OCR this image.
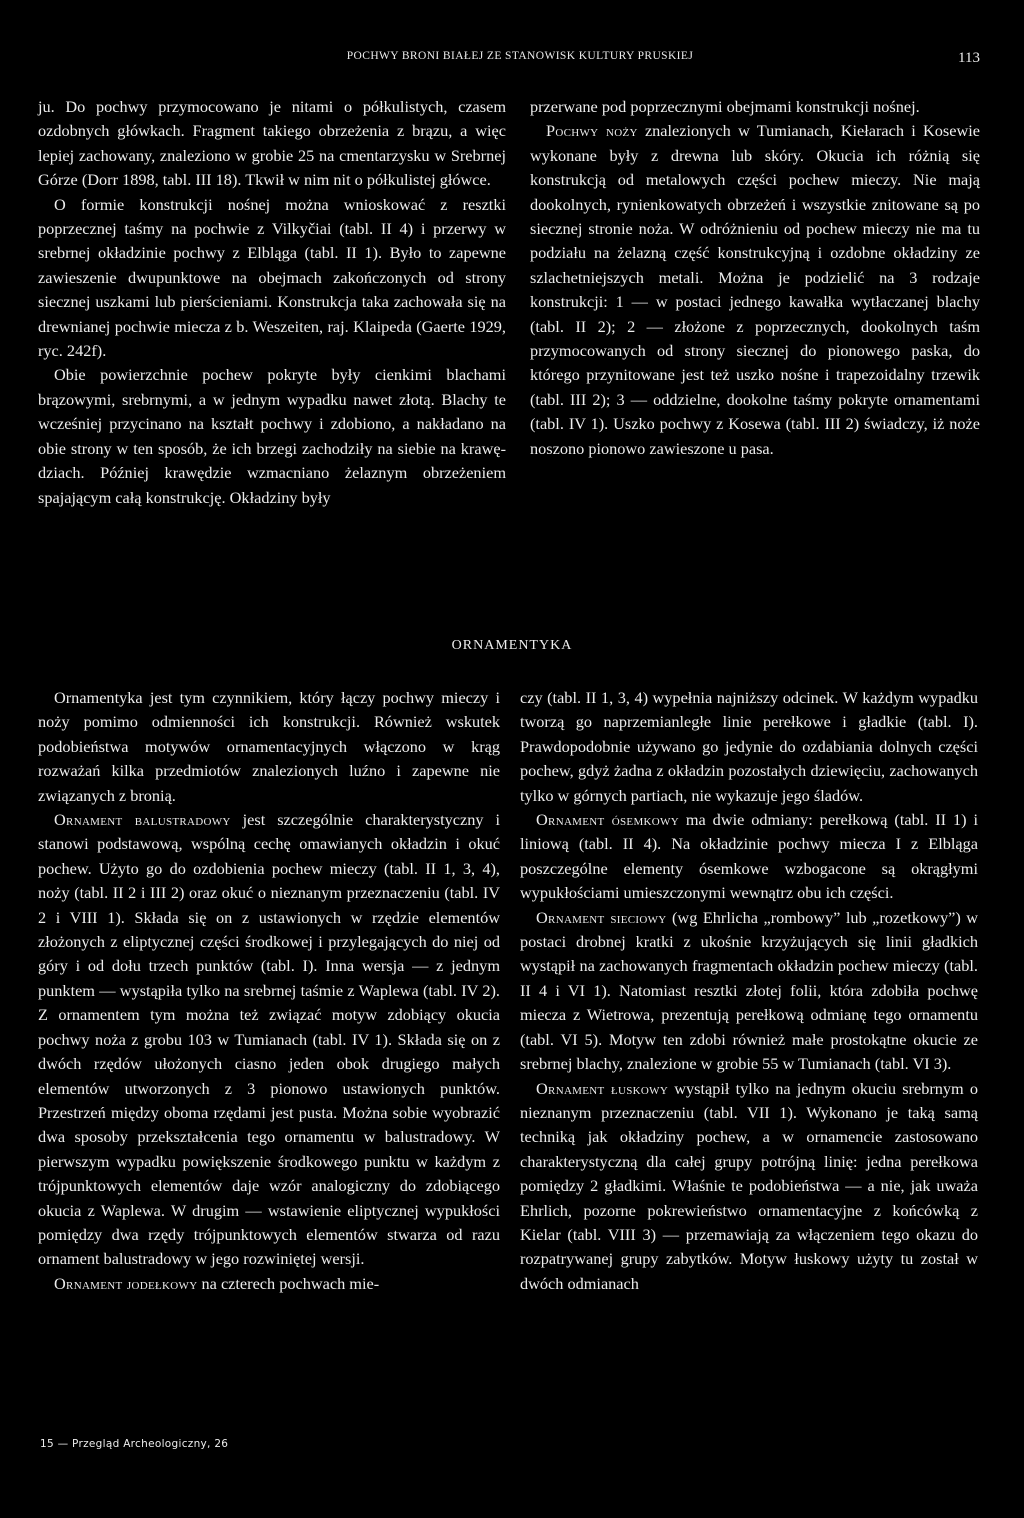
POCHWY BRONI BIAŁEJ ZE STANOWISK KULTURY PRUSKIEJ	113

ju. Do pochwy przymocowano je nitami o półkulistych, czasem ozdobnych główkach. Fragment takiego obrzeżenia z brązu, a więc lepiej zachowany, znaleziono w grobie 25 na cmentarzysku w Srebrnej Górze (Dorr 1898, tabl. III 18). Tkwił w nim nit o półkulistej główce.

O formie konstrukcji nośnej można wnioskować z resztki poprzecznej taśmy na pochwie z Vilkyčiai (tabl. II 4) i przerwy w srebrnej okładzinie pochwy z Elbląga (tabl. II 1). Było to zapewne zawieszenie dwupunktowe na obejmach zakończonych od strony siecznej uszkami lub pierścieniami. Konstrukcja taka zachowała się na drewnianej pochwie miecza z b. Weszeiten, raj. Klaipeda (Gaerte 1929, ryc. 242f).

Obie powierzchnie pochew pokryte były cienkimi blachami brązowymi, srebrnymi, a w jednym wypadku nawet złotą. Blachy te wcześniej przycinano na kształt pochwy i zdobiono, a nakładano na obie strony w ten sposób, że ich brzegi zachodziły na siebie na krawędziach. Później krawędzie wzmacniano żelaznym obrzeżeniem spajającym całą konstrukcję. Okładziny były

przerwane pod poprzecznymi obejmami konstrukcji nośnej.

Pochwy noży znalezionych w Tumianach, Kiełarach i Kosewie wykonane były z drewna lub skóry. Okucia ich różnią się konstrukcją od metalowych części pochew mieczy. Nie mają dookolnych, rynienkowatych obrzeżeń i wszystkie znitowane są po siecznej stronie noża. W odróżnieniu od pochew mieczy nie ma tu podziału na żelazną część konstrukcyjną i ozdobne okładziny ze szlachetniejszych metali. Można je podzielić na 3 rodzaje konstrukcji: 1 — w postaci jednego kawałka wytłaczanej blachy (tabl. II 2); 2 — złożone z poprzecznych, dookolnych taśm przymocowanych od strony siecznej do pionowego paska, do którego przynitowane jest też uszko nośne i trapezoidalny trzewik (tabl. III 2); 3 — oddzielne, dookolne taśmy pokryte ornamentami (tabl. IV 1). Uszko pochwy z Kosewa (tabl. III 2) świadczy, iż noże noszono pionowo zawieszone u pasa.

ORNAMENTYKA

Ornamentyka jest tym czynnikiem, który łączy pochwy mieczy i noży pomimo odmienności ich konstrukcji. Również wskutek podobieństwa motywów ornamentacyjnych włączono w krąg rozważań kilka przedmiotów znalezionych luźno i zapewne nie związanych z bronią.

Ornament balustradowy jest szczególnie charakterystyczny i stanowi podstawową, wspólną cechę omawianych okładzin i okuć pochew. Użyto go do ozdobienia pochew mieczy (tabl. II 1, 3, 4), noży (tabl. II 2 i III 2) oraz okuć o nieznanym przeznaczeniu (tabl. IV 2 i VIII 1). Składa się on z ustawionych w rzędzie elementów złożonych z eliptycznej części środkowej i przylegających do niej od góry i od dołu trzech punktów (tabl. I). Inna wersja — z jednym punktem — wystąpiła tylko na srebrnej taśmie z Waplewa (tabl. IV 2). Z ornamentem tym można też związać motyw zdobiący okucia pochwy noża z grobu 103 w Tumianach (tabl. IV 1). Składa się on z dwóch rzędów ułożonych ciasno jeden obok drugiego małych elementów utworzonych z 3 pionowo ustawionych punktów. Przestrzeń między oboma rzędami jest pusta. Można sobie wyobrazić dwa sposoby przekształcenia tego ornamentu w balustradowy. W pierwszym wypadku powiększenie środkowego punktu w każdym z trójpunktowych elementów daje wzór analogiczny do zdobiącego okucia z Waplewa. W drugim — wstawienie eliptycznej wypukłości pomiędzy dwa rzędy trójpunktowych elementów stwarza od razu ornament balustradowy w jego rozwiniętej wersji.

Ornament jodełkowy na czterech pochwach mie-

czy (tabl. II 1, 3, 4) wypełnia najniższy odcinek. W każdym wypadku tworzą go naprzemianległe linie perełkowe i gładkie (tabl. I). Prawdopodobnie używano go jedynie do ozdabiania dolnych części pochew, gdyż żadna z okładzin pozostałych dziewięciu, zachowanych tylko w górnych partiach, nie wykazuje jego śladów.

Ornament ósemkowy ma dwie odmiany: perełkową (tabl. II 1) i liniową (tabl. II 4). Na okładzinie pochwy miecza I z Elbląga poszczególne elementy ósemkowe wzbogacone są okrągłymi wypukłościami umieszczonymi wewnątrz obu ich części.

Ornament sieciowy (wg Ehrlicha „rombowy” lub „rozetkowy”) w postaci drobnej kratki z ukośnie krzyżujących się linii gładkich wystąpił na zachowanych fragmentach okładzin pochew mieczy (tabl. II 4 i VI 1). Natomiast resztki złotej folii, która zdobiła pochwę miecza z Wietrowa, prezentują perełkową odmianę tego ornamentu (tabl. VI 5). Motyw ten zdobi również małe prostokątne okucie ze srebrnej blachy, znalezione w grobie 55 w Tumianach (tabl. VI 3).

Ornament łuskowy wystąpił tylko na jednym okuciu srebrnym o nieznanym przeznaczeniu (tabl. VII 1). Wykonano je taką samą techniką jak okładziny pochew, a w ornamencie zastosowano charakterystyczną dla całej grupy potrójną linię: jedna perełkowa pomiędzy 2 gładkimi. Właśnie te podobieństwa — a nie, jak uważa Ehrlich, pozorne pokrewieństwo ornamentacyjne z końcówką z Kielar (tabl. VIII 3) — przemawiają za włączeniem tego okazu do rozpatrywanej grupy zabytków. Motyw łuskowy użyty tu został w dwóch odmianach

15 — Przegląd Archeologiczny, 26
